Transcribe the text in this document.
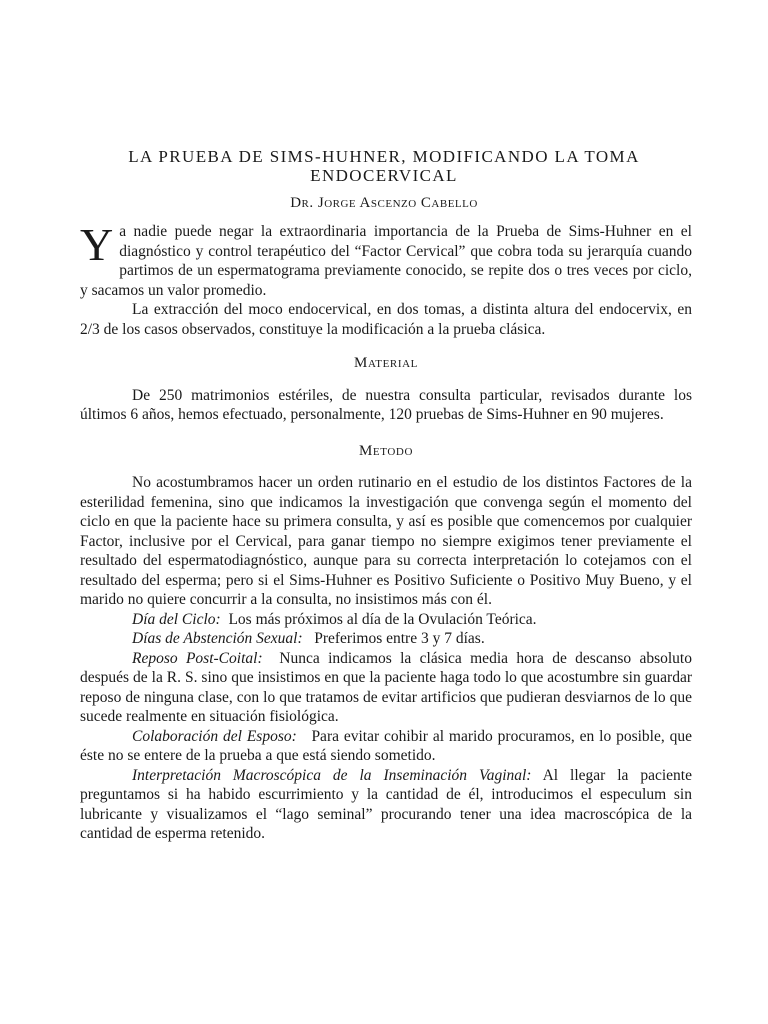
LA PRUEBA DE SIMS-HUHNER, MODIFICANDO LA TOMA
ENDOCERVICAL
Dr. Jorge Ascenzo Cabello

Ya nadie puede negar la extraordinaria importancia de la Prueba de Sims-Huhner en el diagnóstico y control terapéutico del “Factor Cervical” que cobra toda su jerarquía cuando partimos de un espermatograma previamente conocido, se repite dos o tres veces por ciclo, y sacamos un valor promedio.

La extracción del moco endocervical, en dos tomas, a distinta altura del endocervix, en 2/3 de los casos observados, constituye la modificación a la prueba clásica.

Material

De 250 matrimonios estériles, de nuestra consulta particular, revisados durante los últimos 6 años, hemos efectuado, personalmente, 120 pruebas de Sims-Huhner en 90 mujeres.

Metodo

No acostumbramos hacer un orden rutinario en el estudio de los distintos Factores de la esterilidad femenina, sino que indicamos la investigación que convenga según el momento del ciclo en que la paciente hace su primera consulta, y así es posible que comencemos por cualquier Factor, inclusive por el Cervical, para ganar tiempo no siempre exigimos tener previamente el resultado del espermatodiagnóstico, aunque para su correcta interpretación lo cotejamos con el resultado del esperma; pero si el Sims-Huhner es Positivo Suficiente o Positivo Muy Bueno, y el marido no quiere concurrir a la consulta, no insistimos más con él.

Día del Ciclo: Los más próximos al día de la Ovulación Teórica.

Días de Abstención Sexual: Preferimos entre 3 y 7 días.

Reposo Post-Coital: Nunca indicamos la clásica media hora de descanso absoluto después de la R. S. sino que insistimos en que la paciente haga todo lo que acostumbre sin guardar reposo de ninguna clase, con lo que tratamos de evitar artificios que pudieran desviarnos de lo que sucede realmente en situación fisiológica.

Colaboración del Esposo: Para evitar cohibir al marido procuramos, en lo posible, que éste no se entere de la prueba a que está siendo sometido.

Interpretación Macroscópica de la Inseminación Vaginal: Al llegar la paciente preguntamos si ha habido escurrimiento y la cantidad de él, introducimos el especulum sin lubricante y visualizamos el “lago seminal” procurando tener una idea macroscópica de la cantidad de esperma retenido.
